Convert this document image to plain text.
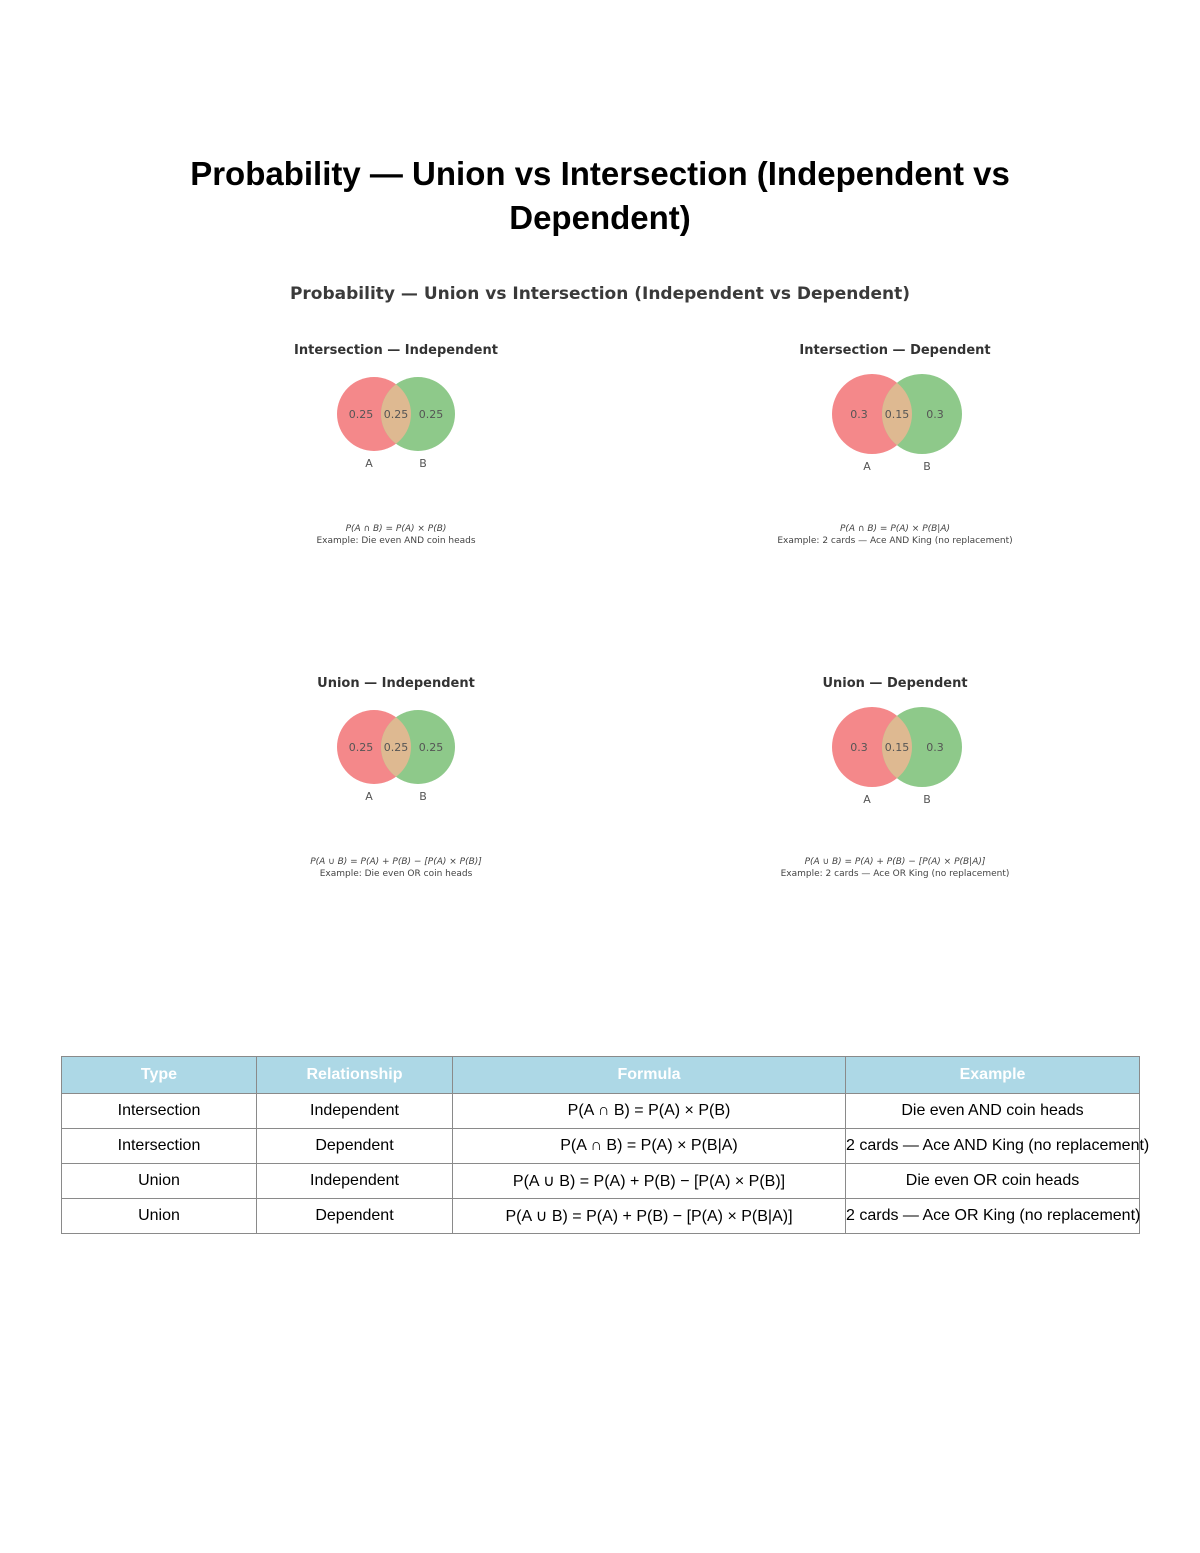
Probability — Union vs Intersection (Independent vs Dependent)
Probability — Union vs Intersection (Independent vs Dependent)
Intersection — Independent
0.25 0.25 0.25
A	B
P(A ∩ B) = P(A) × P(B)
Example: Die even AND coin heads
Intersection — Dependent
0.3 0.15 0.3
A	B
P(A ∩ B) = P(A) × P(B|A)
Example: 2 cards — Ace AND King (no replacement)
Union — Independent
0.25 0.25 0.25
A	B
P(A ∪ B) = P(A) + P(B) − [P(A) × P(B)]
Example: Die even OR coin heads
Union — Dependent
0.3 0.15 0.3
A	B
P(A ∪ B) = P(A) + P(B) − [P(A) × P(B|A)]
Example: 2 cards — Ace OR King (no replacement)
Type	Relationship	Formula	Example
Intersection	Independent	P(A ∩ B) = P(A) × P(B)	Die even AND coin heads
Intersection	Dependent	P(A ∩ B) = P(A) × P(B|A)	2 cards — Ace AND King (no replacement)
Union	Independent	P(A ∪ B) = P(A) + P(B) − [P(A) × P(B)]	Die even OR coin heads
Union	Dependent	P(A ∪ B) = P(A) + P(B) − [P(A) × P(B|A)]	2 cards — Ace OR King (no replacement)
